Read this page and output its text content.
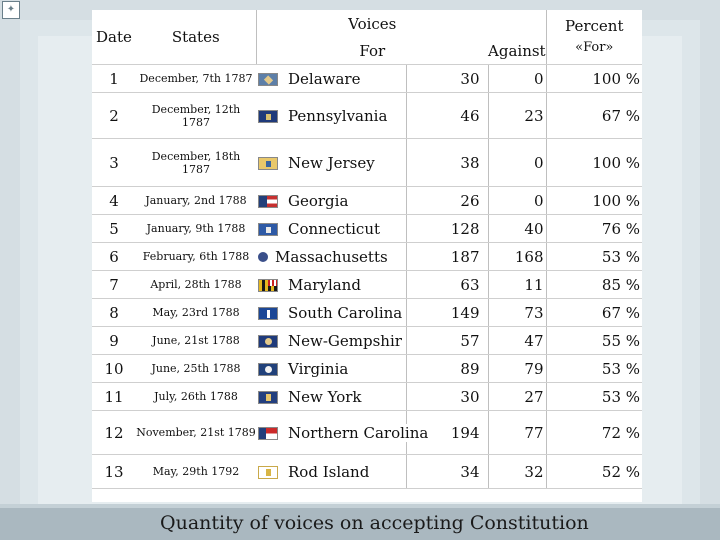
✦
Date	States	Voices		Against	Percent
«For»
		For			
1	December, 7th 1787	Delaware	30	0	100 %
2	December, 12th 1787	Pennsylvania	46	23	67 %
3	December, 18th 1787	New Jersey	38	0	100 %
4	January, 2nd 1788	Georgia	26	0	100 %
5	January, 9th 1788	Connecticut	128	40	76 %
6	February, 6th 1788	Massachusetts	187	168	53 %
7	April, 28th 1788	Maryland	63	11	85 %
8	May, 23rd 1788	South Carolina	149	73	67 %
9	June, 21st 1788	New-Gempshir	57	47	55 %
10	June, 25th 1788	Virginia	89	79	53 %
11	July, 26th 1788	New York	30	27	53 %
12	November, 21st 1789	Northern Carolina	194	77	72 %
13	May, 29th 1792	Rod Island	34	32	52 %
Quantity of voices on accepting Constitution
